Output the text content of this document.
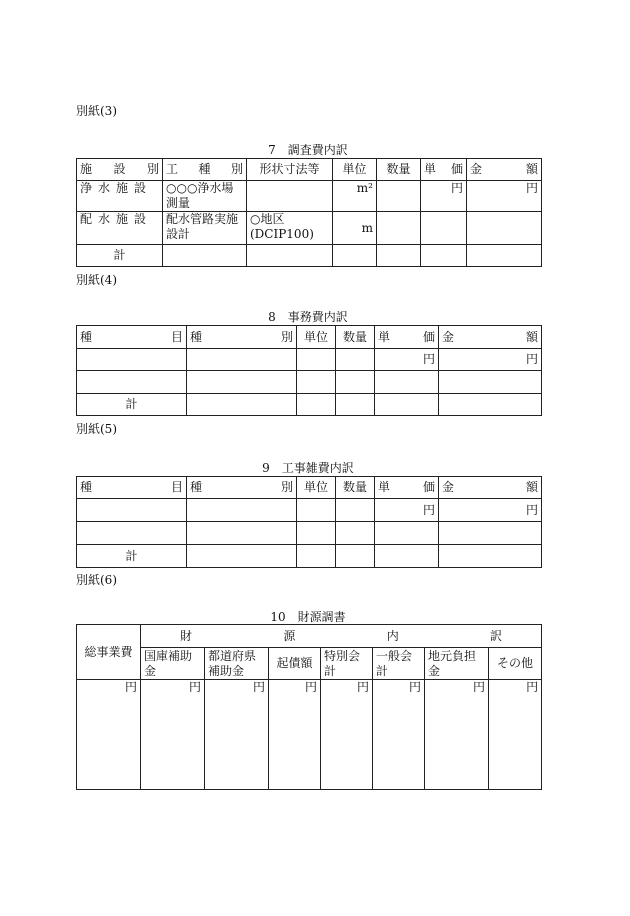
別紙(3)
7　調査費内訳
施 設 別	工 種 別	形状寸法等	単位	数量	単 価	金 額

浄水施設	○○○浄水場測量		m²		円	円
配水施設	配水管路実施設計	○地区(DCIP100)	m			
計						
別紙(4)
8　事務費内訳
種 目	種 別	単位	数量	単 価	金 額

				円	円

計					
別紙(5)
9　工事雑費内訳
種 目	種 別	単位	数量	単 価	金 額

				円	円

計					
別紙(6)
10　財源調書
総事業費	財 源 内 訳						

	国庫補助金	都道府県補助金	起債額	特別会計	一般会計	地元負担金	その他
円	円	円	円	円	円	円	円
